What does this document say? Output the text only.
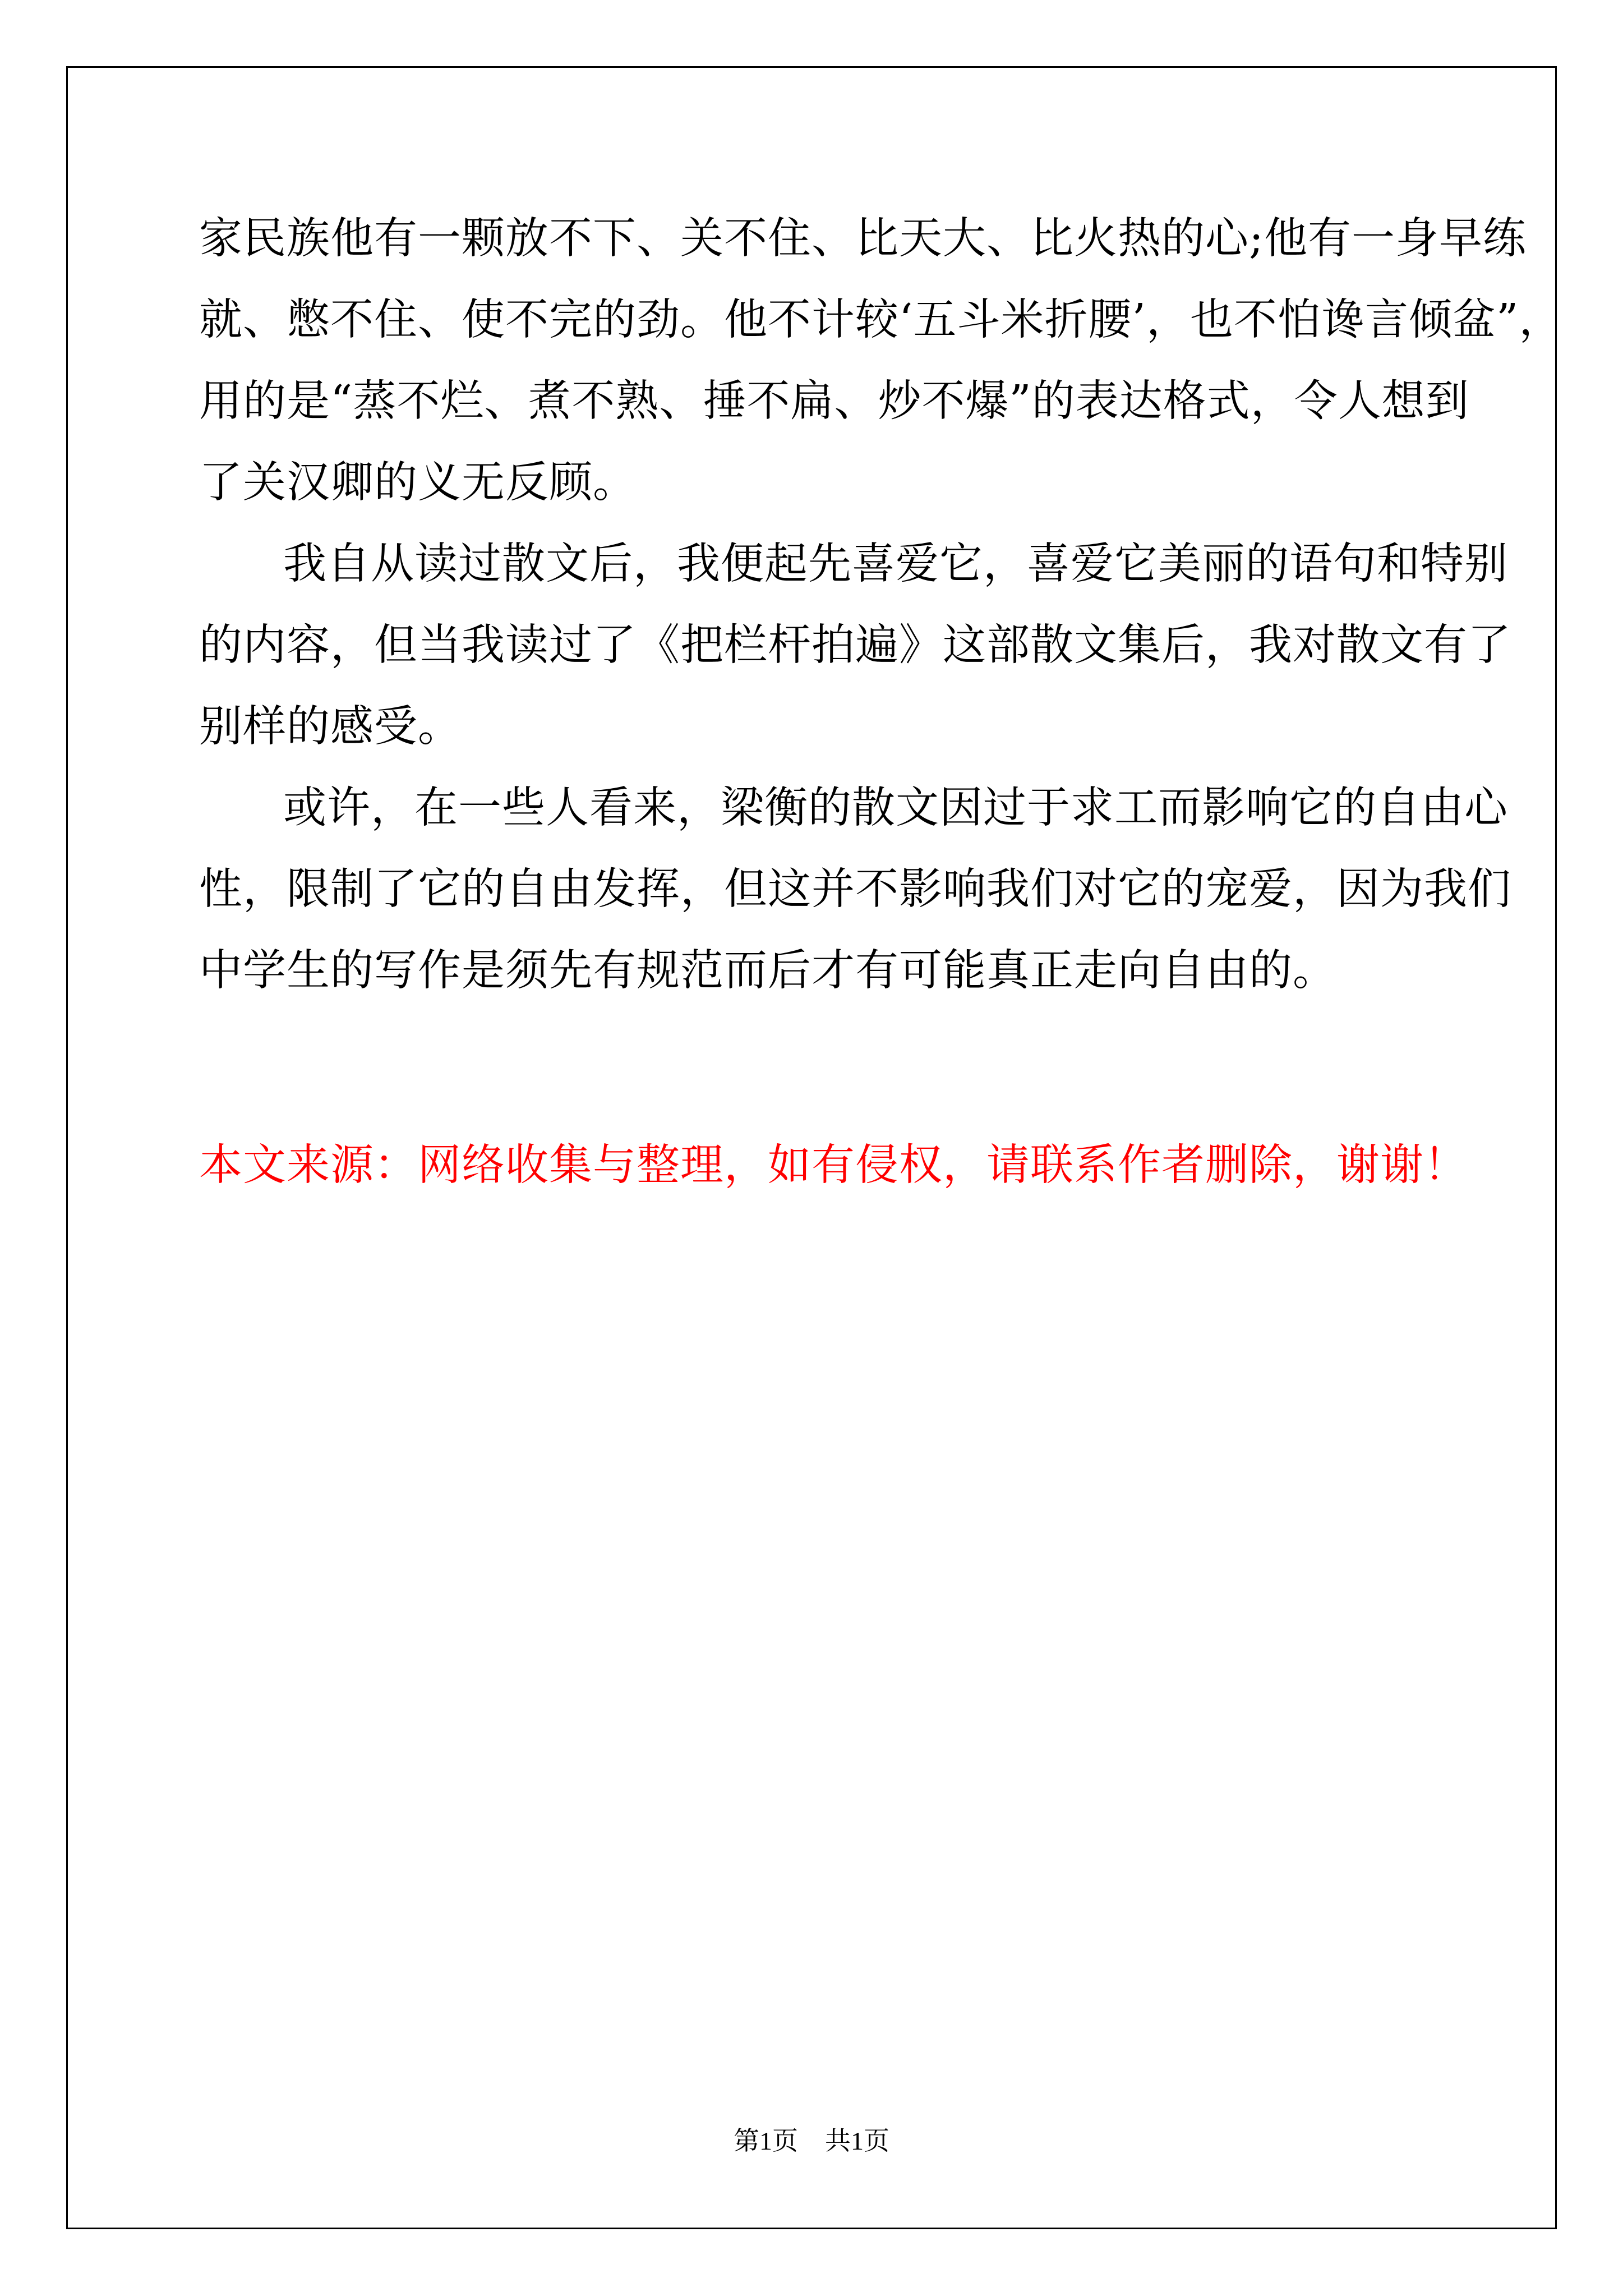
家民族他有一颗放不下、关不住、比天大、比火热的心;他有一身早练
就、憋不住、使不完的劲。他不计较‘五斗米折腰’，也不怕谗言倾盆”，
用的是“蒸不烂、煮不熟、捶不扁、炒不爆”的表达格式，令人想到
了关汉卿的义无反顾。
我自从读过散文后，我便起先喜爱它，喜爱它美丽的语句和特别
的内容，但当我读过了《把栏杆拍遍》这部散文集后，我对散文有了
别样的感受。
或许，在一些人看来，梁衡的散文因过于求工而影响它的自由心
性，限制了它的自由发挥，但这并不影响我们对它的宠爱，因为我们
中学生的写作是须先有规范而后才有可能真正走向自由的。
本文来源：网络收集与整理，如有侵权，请联系作者删除，谢谢！
第1页 共1页
